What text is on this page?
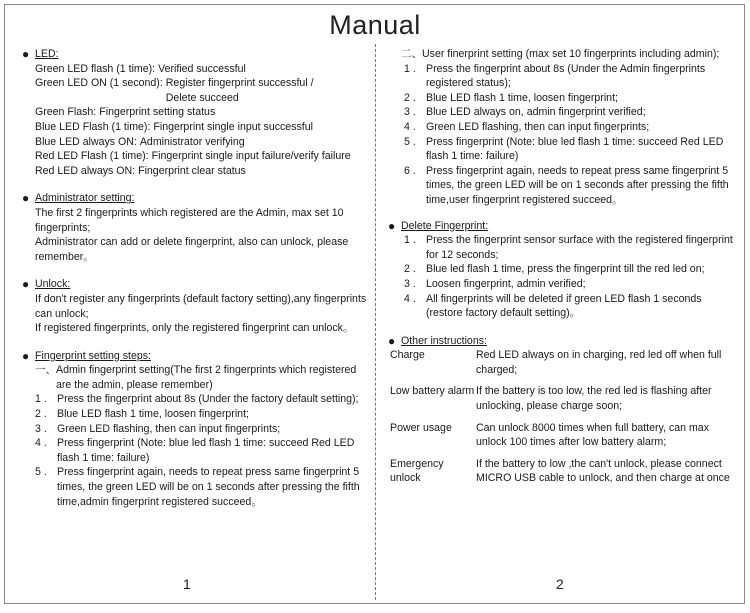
Manual
● LED:
Green LED flash (1 time): Verified successful
Green LED ON (1 second): Register fingerprint successful / Delete succeed
Green Flash: Fingerprint setting status
Blue LED Flash (1 time): Fingerprint single input successful
Blue LED always ON: Administrator verifying
Red LED Flash (1 time): Fingerprint single input failure/verify failure
Red LED always ON: Fingerprint clear status
● Administrator setting:
The first 2 fingerprints which registered are the Admin, max set 10 fingerprints;
Administrator can add or delete fingerprint, also can unlock, please remember。
● Unlock:
If don't register any fingerprints (default factory setting),any fingerprints can unlock;
If registered fingerprints, only the registered fingerprint can unlock。
● Fingerprint setting steps:
一、 Admin fingerprint setting(The first 2 fingerprints which registered are the admin, please remember)
1 . Press the fingerprint about 8s (Under the factory default setting);
2 . Blue LED flash 1 time, loosen fingerprint;
3 . Green LED flashing, then can input fingerprints;
4 . Press fingerprint (Note: blue led flash 1 time: succeed Red LED flash 1 time: failure)
5 . Press fingerprint again, needs to repeat press same fingerprint 5 times, the green LED will be on 1 seconds after pressing the fifth time,admin fingerprint registered succeed。
1
二、 User finerprint setting (max set 10 fingerprints including admin);
1 . Press the fingerprint about 8s (Under the Admin fingerprints registered status);
2 . Blue LED flash 1 time, loosen fingerprint;
3 . Blue LED always on, admin fingerprint verified;
4 . Green LED flashing, then can input fingerprints;
5 . Press fingerprint (Note: blue led flash 1 time: succeed Red LED flash 1 time: failure)
6 . Press fingerprint again, needs to repeat press same fingerprint 5 times, the green LED will be on 1 seconds after pressing the fifth time,user fingerprint registered succeed。
● Delete Fingerprint:
1 . Press the fingerprint sensor surface with the registered fingerprint for 12 seconds;
2 . Blue led flash 1 time, press the fingerprint till the red led on;
3 . Loosen fingerprint, admin verified;
4 . All fingerprints will be deleted if green LED flash 1 seconds (restore factory default setting)。
● Other instructions:
Charge	Red LED always on in charging, red led off when full charged;
Low battery alarm If the battery is too low, the red led is flashing after unlocking, please charge soon;
Power usage	Can unlock 8000 times when full battery, can max unlock 100 times after low battery alarm;
Emergency unlock
If the battery to low ,the can't unlock, please connect MICRO USB cable to unlock, and then charge at once
2
